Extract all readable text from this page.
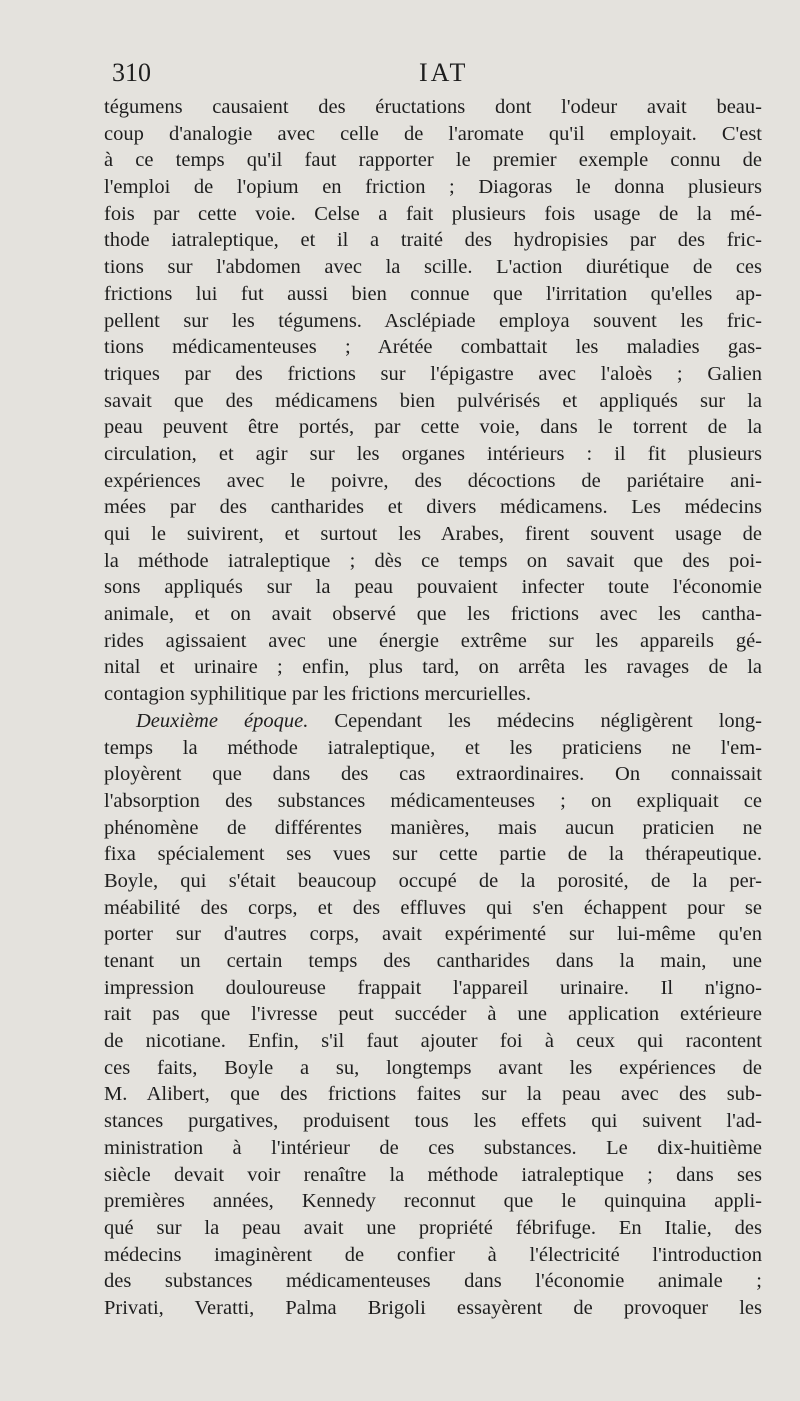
310	IAT
tégumens causaient des éructations dont l'odeur avait beau-
coup d'analogie avec celle de l'aromate qu'il employait. C'est
à ce temps qu'il faut rapporter le premier exemple connu de
l'emploi de l'opium en friction ; Diagoras le donna plusieurs
fois par cette voie. Celse a fait plusieurs fois usage de la mé-
thode iatraleptique, et il a traité des hydropisies par des fric-
tions sur l'abdomen avec la scille. L'action diurétique de ces
frictions lui fut aussi bien connue que l'irritation qu'elles ap-
pellent sur les tégumens. Asclépiade employa souvent les fric-
tions médicamenteuses ; Arétée combattait les maladies gas-
triques par des frictions sur l'épigastre avec l'aloès ; Galien
savait que des médicamens bien pulvérisés et appliqués sur la
peau peuvent être portés, par cette voie, dans le torrent de la
circulation, et agir sur les organes intérieurs : il fit plusieurs
expériences avec le poivre, des décoctions de pariétaire ani-
mées par des cantharides et divers médicamens. Les médecins
qui le suivirent, et surtout les Arabes, firent souvent usage de
la méthode iatraleptique ; dès ce temps on savait que des poi-
sons appliqués sur la peau pouvaient infecter toute l'économie
animale, et on avait observé que les frictions avec les cantha-
rides agissaient avec une énergie extrême sur les appareils gé-
nital et urinaire ; enfin, plus tard, on arrêta les ravages de la
contagion syphilitique par les frictions mercurielles.
Deuxième époque. Cependant les médecins négligèrent long-
temps la méthode iatraleptique, et les praticiens ne l'em-
ployèrent que dans des cas extraordinaires. On connaissait
l'absorption des substances médicamenteuses ; on expliquait ce
phénomène de différentes manières, mais aucun praticien ne
fixa spécialement ses vues sur cette partie de la thérapeutique.
Boyle, qui s'était beaucoup occupé de la porosité, de la per-
méabilité des corps, et des effluves qui s'en échappent pour se
porter sur d'autres corps, avait expérimenté sur lui-même qu'en
tenant un certain temps des cantharides dans la main, une
impression douloureuse frappait l'appareil urinaire. Il n'igno-
rait pas que l'ivresse peut succéder à une application extérieure
de nicotiane. Enfin, s'il faut ajouter foi à ceux qui racontent
ces faits, Boyle a su, longtemps avant les expériences de
M. Alibert, que des frictions faites sur la peau avec des sub-
stances purgatives, produisent tous les effets qui suivent l'ad-
ministration à l'intérieur de ces substances. Le dix-huitième
siècle devait voir renaître la méthode iatraleptique ; dans ses
premières années, Kennedy reconnut que le quinquina appli-
qué sur la peau avait une propriété fébrifuge. En Italie, des
médecins imaginèrent de confier à l'électricité l'introduction
des substances médicamenteuses dans l'économie animale ;
Privati, Veratti, Palma Brigoli essayèrent de provoquer les
